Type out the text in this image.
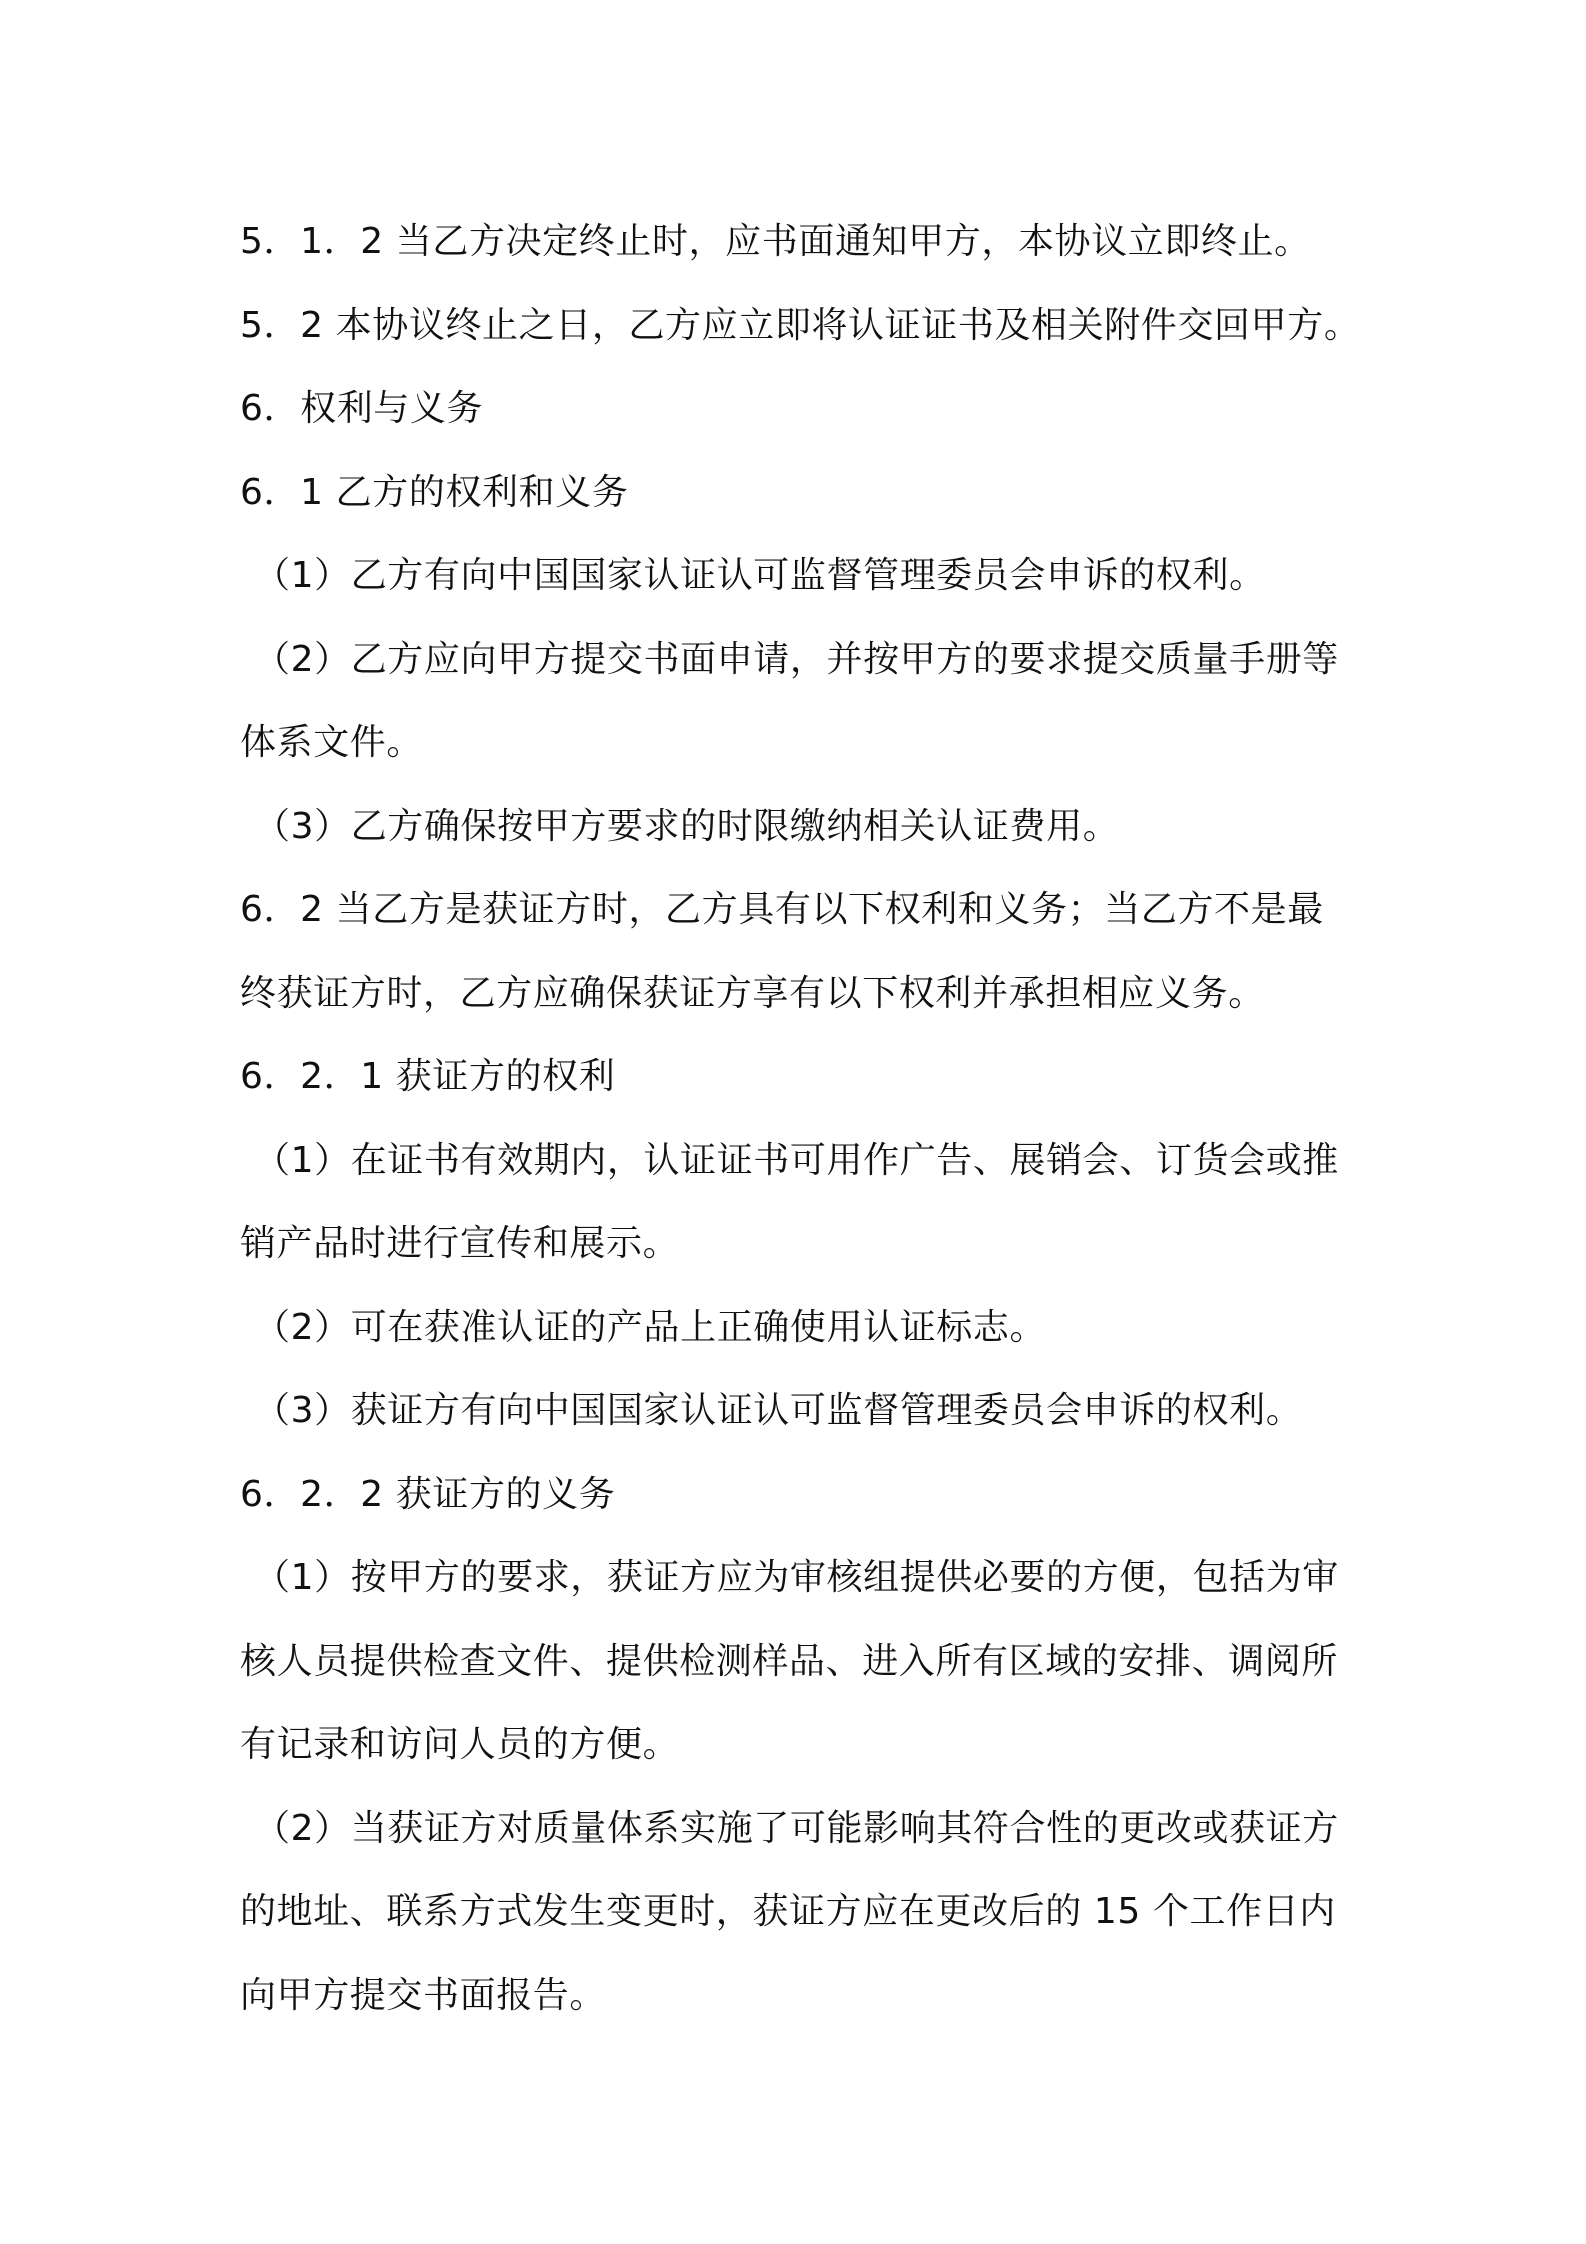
5．1．2 当乙方决定终止时，应书面通知甲方，本协议立即终止。
5．2 本协议终止之日，乙方应立即将认证证书及相关附件交回甲方。
6．权利与义务
6．1 乙方的权利和义务
（1）乙方有向中国国家认证认可监督管理委员会申诉的权利。
（2）乙方应向甲方提交书面申请，并按甲方的要求提交质量手册等
体系文件。
（3）乙方确保按甲方要求的时限缴纳相关认证费用。
6．2 当乙方是获证方时，乙方具有以下权利和义务；当乙方不是最
终获证方时，乙方应确保获证方享有以下权利并承担相应义务。
6．2．1 获证方的权利
（1）在证书有效期内，认证证书可用作广告、展销会、订货会或推
销产品时进行宣传和展示。
（2）可在获准认证的产品上正确使用认证标志。
（3）获证方有向中国国家认证认可监督管理委员会申诉的权利。
6．2．2 获证方的义务
（1）按甲方的要求，获证方应为审核组提供必要的方便，包括为审
核人员提供检查文件、提供检测样品、进入所有区域的安排、调阅所
有记录和访问人员的方便。
（2）当获证方对质量体系实施了可能影响其符合性的更改或获证方
的地址、联系方式发生变更时，获证方应在更改后的 15 个工作日内
向甲方提交书面报告。
